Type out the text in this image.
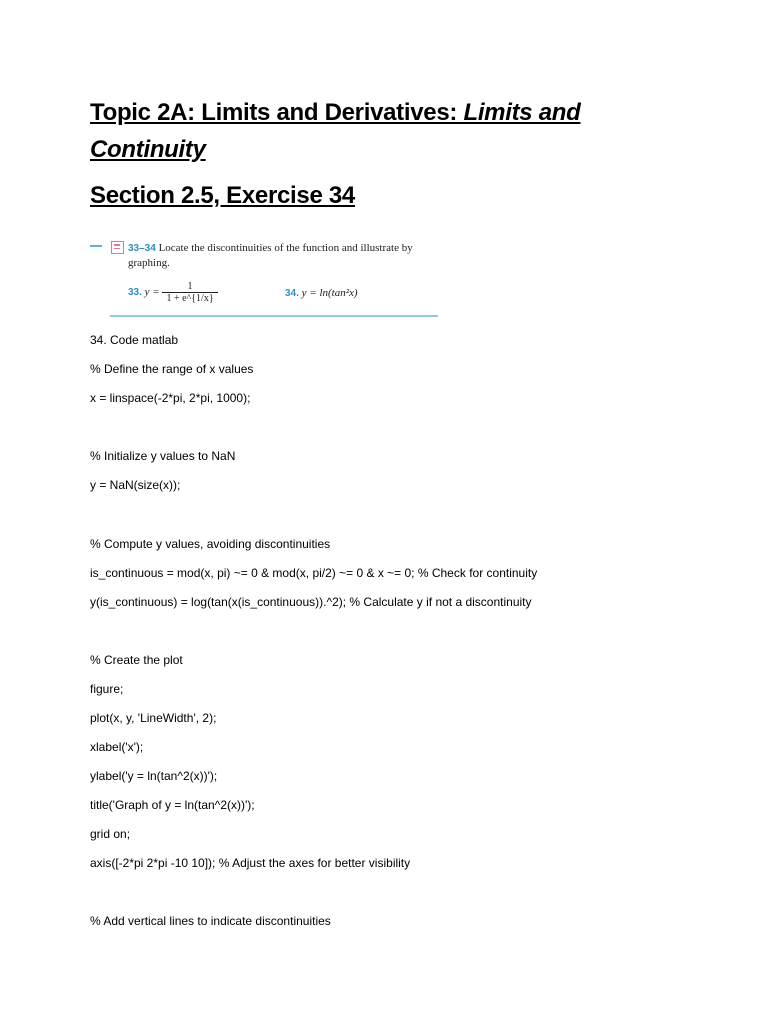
Topic 2A: Limits and Derivatives: Limits and Continuity
Section 2.5, Exercise 34
33–34 Locate the discontinuities of the function and illustrate by graphing.
33. $y = \frac{1}{1 + e\^{}\{1/x\}}$	34. y = ln(tan²x)
34. Code matlab
% Define the range of x values
x = linspace(-2*pi, 2*pi, 1000);
% Initialize y values to NaN
y = NaN(size(x));
% Compute y values, avoiding discontinuities
is_continuous = mod(x, pi) ~= 0 & mod(x, pi/2) ~= 0 & x ~= 0; % Check for continuity
y(is_continuous) = log(tan(x(is_continuous)).^2); % Calculate y if not a discontinuity
% Create the plot
figure;
plot(x, y, 'LineWidth', 2);
xlabel('x');
ylabel('y = ln(tan^2(x))');
title('Graph of y = ln(tan^2(x))');
grid on;
axis([-2*pi 2*pi -10 10]); % Adjust the axes for better visibility
% Add vertical lines to indicate discontinuities
